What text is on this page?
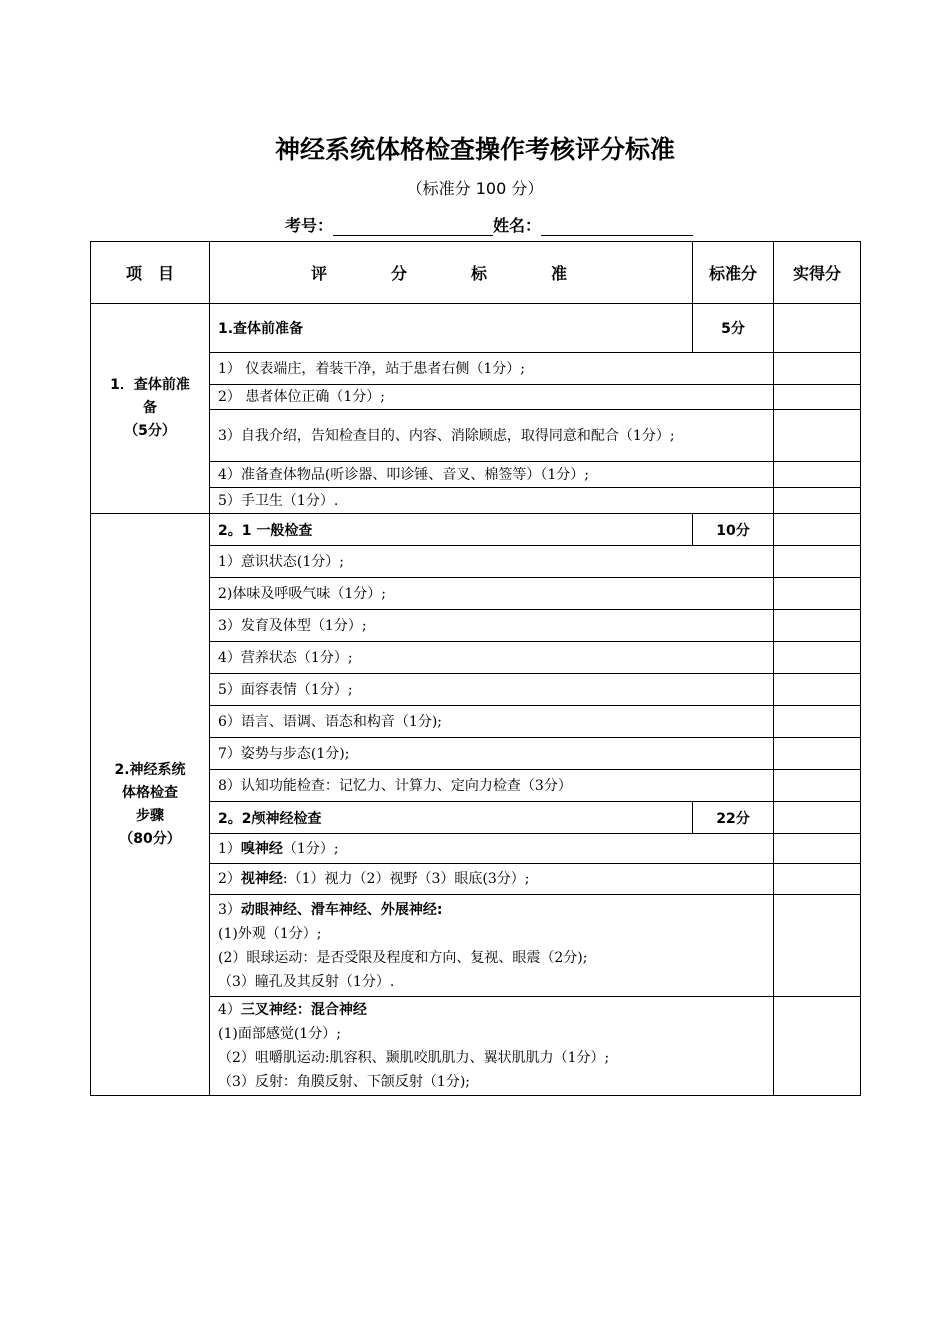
神经系统体格检查操作考核评分标准
（标准分 100 分）
考号：	姓名：
项　目	评　分　标　准	标准分	实得分

1．查体前准
备
（5分）	1.查体前准备	5分	
	1） 仪表端庄，着装干净，站于患者右侧（1分）;		
	2） 患者体位正确（1分）;		
	3）自我介绍，告知检查目的、内容、消除顾虑，取得同意和配合（1分）;		
	4）准备查体物品(听诊器、叩诊锤、音叉、棉签等）（1分）;		
	5）手卫生（1分）.		

2.神经系统
体格检查
步骤
（80分）	2。1 一般检查	10分	
	1）意识状态(1分）;		
	2)体味及呼吸气味（1分）;		
	3）发育及体型（1分）;		
	4）营养状态（1分）;		
	5）面容表情（1分）;		
	6）语言、语调、语态和构音（1分);		
	7）姿势与步态(1分);		
	8）认知功能检查：记忆力、计算力、定向力检查（3分）		
	2。2颅神经检查	22分	
	1）嗅神经（1分）;		
	2）视神经:（1）视力（2）视野（3）眼底(3分）;		

	3）动眼神经、滑车神经、外展神经:
(1)外观（1分）;
(2）眼球运动：是否受限及程度和方向、复视、眼震（2分);
（3）瞳孔及其反射（1分）.		

	4）三叉神经：混合神经
(1)面部感觉(1分）;
（2）咀嚼肌运动:肌容积、颞肌咬肌肌力、翼状肌肌力（1分）;
（3）反射：角膜反射、下颌反射（1分);		
